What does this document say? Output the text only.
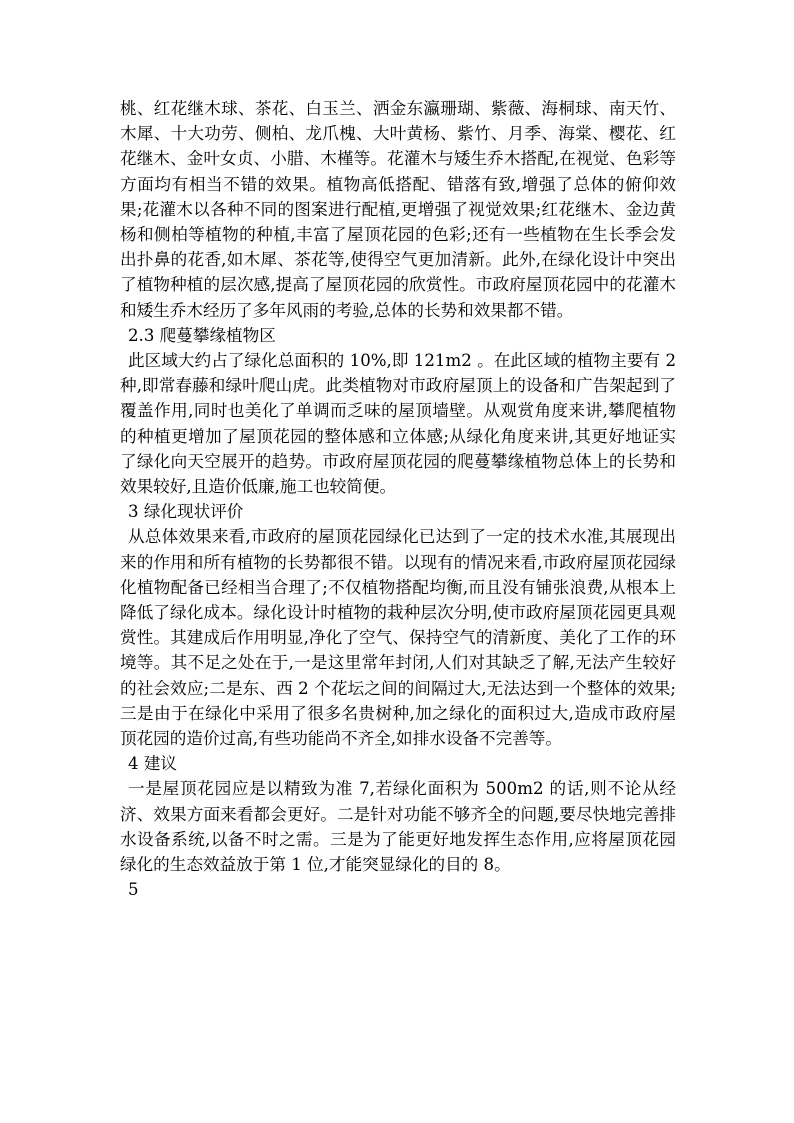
桃、红花继木球、茶花、白玉兰、洒金东瀛珊瑚、紫薇、海桐球、南天竹、木犀、十大功劳、侧柏、龙爪槐、大叶黄杨、紫竹、月季、海棠、樱花、红花继木、金叶女贞、小腊、木槿等。花灌木与矮生乔木搭配,在视觉、色彩等方面均有相当不错的效果。植物高低搭配、错落有致,增强了总体的俯仰效果;花灌木以各种不同的图案进行配植,更增强了视觉效果;红花继木、金边黄杨和侧柏等植物的种植,丰富了屋顶花园的色彩;还有一些植物在生长季会发出扑鼻的花香,如木犀、茶花等,使得空气更加清新。此外,在绿化设计中突出了植物种植的层次感,提高了屋顶花园的欣赏性。市政府屋顶花园中的花灌木和矮生乔木经历了多年风雨的考验,总体的长势和效果都不错。

2.3 爬蔓攀缘植物区

此区域大约占了绿化总面积的 10%,即 121m2 。在此区域的植物主要有 2 种,即常春藤和绿叶爬山虎。此类植物对市政府屋顶上的设备和广告架起到了覆盖作用,同时也美化了单调而乏味的屋顶墙壁。从观赏角度来讲,攀爬植物的种植更增加了屋顶花园的整体感和立体感;从绿化角度来讲,其更好地证实了绿化向天空展开的趋势。市政府屋顶花园的爬蔓攀缘植物总体上的长势和效果较好,且造价低廉,施工也较简便。

3 绿化现状评价

从总体效果来看,市政府的屋顶花园绿化已达到了一定的技术水准,其展现出来的作用和所有植物的长势都很不错。以现有的情况来看,市政府屋顶花园绿化植物配备已经相当合理了;不仅植物搭配均衡,而且没有铺张浪费,从根本上降低了绿化成本。绿化设计时植物的栽种层次分明,使市政府屋顶花园更具观赏性。其建成后作用明显,净化了空气、保持空气的清新度、美化了工作的环境等。其不足之处在于,一是这里常年封闭,人们对其缺乏了解,无法产生较好的社会效应;二是东、西 2 个花坛之间的间隔过大,无法达到一个整体的效果;三是由于在绿化中采用了很多名贵树种,加之绿化的面积过大,造成市政府屋顶花园的造价过高,有些功能尚不齐全,如排水设备不完善等。

4 建议

一是屋顶花园应是以精致为准 7,若绿化面积为 500m2 的话,则不论从经济、效果方面来看都会更好。二是针对功能不够齐全的问题,要尽快地完善排水设备系统,以备不时之需。三是为了能更好地发挥生态作用,应将屋顶花园绿化的生态效益放于第 1 位,才能突显绿化的目的 8。

5
